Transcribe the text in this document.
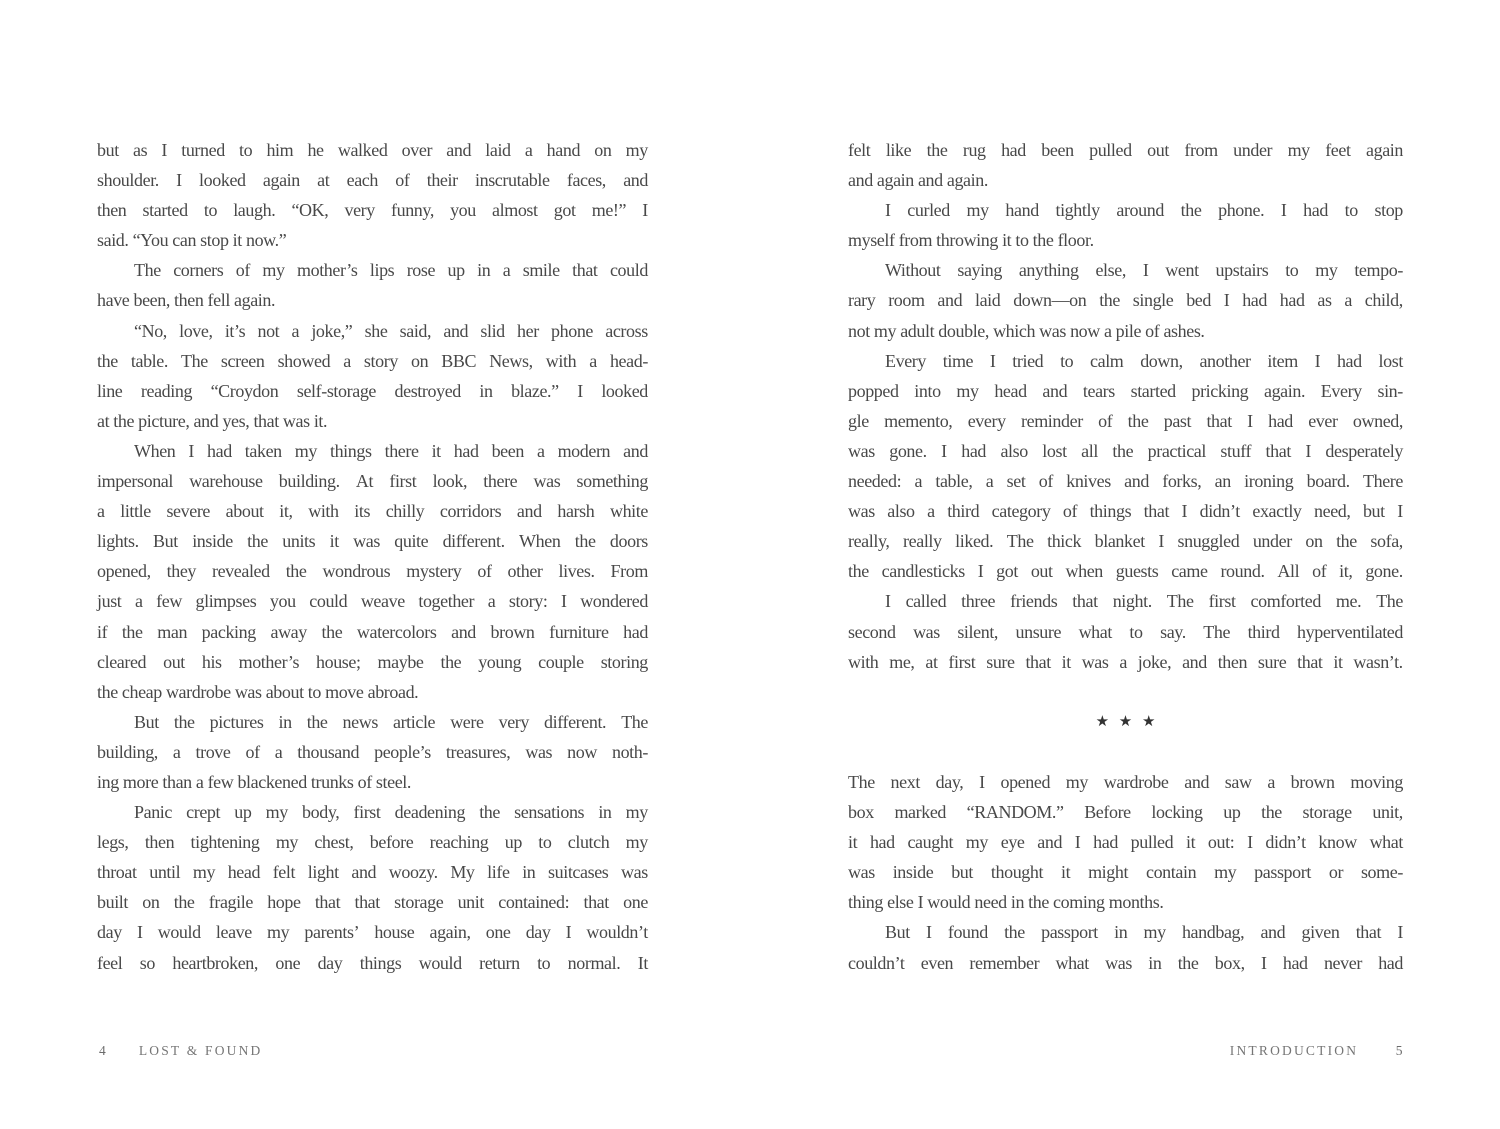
but as I turned to him he walked over and laid a hand on my
shoulder. I looked again at each of their inscrutable faces, and
then started to laugh. “OK, very funny, you almost got me!” I
said. “You can stop it now.”
The corners of my mother’s lips rose up in a smile that could
have been, then fell again.
“No, love, it’s not a joke,” she said, and slid her phone across
the table. The screen showed a story on BBC News, with a head-
line reading “Croydon self-storage destroyed in blaze.” I looked
at the picture, and yes, that was it.
When I had taken my things there it had been a modern and
impersonal warehouse building. At first look, there was something
a little severe about it, with its chilly corridors and harsh white
lights. But inside the units it was quite different. When the doors
opened, they revealed the wondrous mystery of other lives. From
just a few glimpses you could weave together a story: I wondered
if the man packing away the watercolors and brown furniture had
cleared out his mother’s house; maybe the young couple storing
the cheap wardrobe was about to move abroad.
But the pictures in the news article were very different. The
building, a trove of a thousand people’s treasures, was now noth-
ing more than a few blackened trunks of steel.
Panic crept up my body, first deadening the sensations in my
legs, then tightening my chest, before reaching up to clutch my
throat until my head felt light and woozy. My life in suitcases was
built on the fragile hope that that storage unit contained: that one
day I would leave my parents’ house again, one day I wouldn’t
feel so heartbroken, one day things would return to normal. It
felt like the rug had been pulled out from under my feet again
and again and again.
I curled my hand tightly around the phone. I had to stop
myself from throwing it to the floor.
Without saying anything else, I went upstairs to my tempo-
rary room and laid down—on the single bed I had had as a child,
not my adult double, which was now a pile of ashes.
Every time I tried to calm down, another item I had lost
popped into my head and tears started pricking again. Every sin-
gle memento, every reminder of the past that I had ever owned,
was gone. I had also lost all the practical stuff that I desperately
needed: a table, a set of knives and forks, an ironing board. There
was also a third category of things that I didn’t exactly need, but I
really, really liked. The thick blanket I snuggled under on the sofa,
the candlesticks I got out when guests came round. All of it, gone.
I called three friends that night. The first comforted me. The
second was silent, unsure what to say. The third hyperventilated
with me, at first sure that it was a joke, and then sure that it wasn’t.
★ ★ ★
The next day, I opened my wardrobe and saw a brown moving
box marked “RANDOM.” Before locking up the storage unit,
it had caught my eye and I had pulled it out: I didn’t know what
was inside but thought it might contain my passport or some-
thing else I would need in the coming months.
But I found the passport in my handbag, and given that I
couldn’t even remember what was in the box, I had never had
4 LOST & FOUND	INTRODUCTION	5
